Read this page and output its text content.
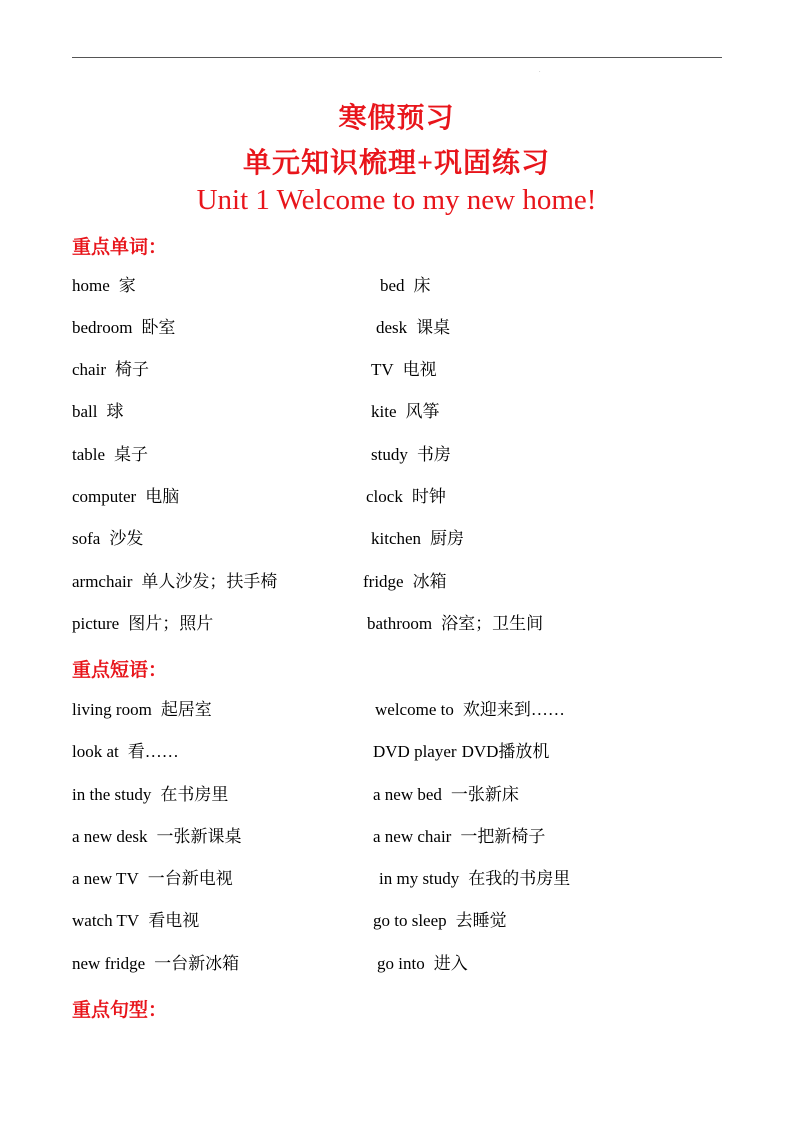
.
寒假预习
单元知识梳理+巩固练习
Unit 1 Welcome to my new home!
重点单词：
home 家	bed 床
bedroom 卧室	desk 课桌
chair 椅子	TV 电视
ball 球	kite 风筝
table 桌子	study 书房
computer 电脑	clock 时钟
sofa 沙发	kitchen 厨房
armchair 单人沙发；扶手椅	fridge 冰箱
picture 图片；照片	bathroom 浴室；卫生间
重点短语：
living room 起居室	welcome to 欢迎来到……
look at 看……	DVD player DVD播放机
in the study 在书房里	a new bed 一张新床
a new desk 一张新课桌	a new chair 一把新椅子
a new TV 一台新电视	in my study 在我的书房里
watch TV 看电视	go to sleep 去睡觉
new fridge 一台新冰箱	go into 进入
重点句型：
